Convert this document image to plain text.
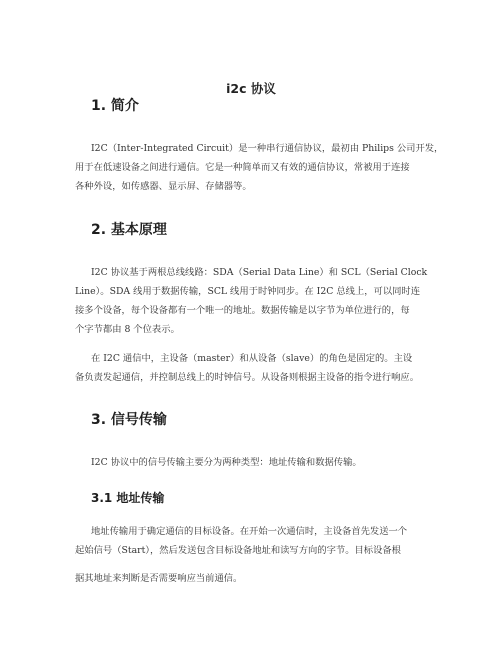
i2c 协议
1. 简介
I2C（Inter-Integrated Circuit）是一种串行通信协议，最初由 Philips 公司开发，
用于在低速设备之间进行通信。它是一种简单而又有效的通信协议，常被用于连接
各种外设，如传感器、显示屏、存储器等。
2. 基本原理
I2C 协议基于两根总线线路：SDA（Serial Data Line）和 SCL（Serial Clock
Line）。SDA 线用于数据传输，SCL 线用于时钟同步。在 I2C 总线上，可以同时连
接多个设备，每个设备都有一个唯一的地址。数据传输是以字节为单位进行的，每
个字节都由 8 个位表示。
在 I2C 通信中，主设备（master）和从设备（slave）的角色是固定的。主设
备负责发起通信，并控制总线上的时钟信号。从设备则根据主设备的指令进行响应。
3. 信号传输
I2C 协议中的信号传输主要分为两种类型：地址传输和数据传输。
3.1 地址传输
地址传输用于确定通信的目标设备。在开始一次通信时，主设备首先发送一个
起始信号（Start），然后发送包含目标设备地址和读写方向的字节。目标设备根
据其地址来判断是否需要响应当前通信。
